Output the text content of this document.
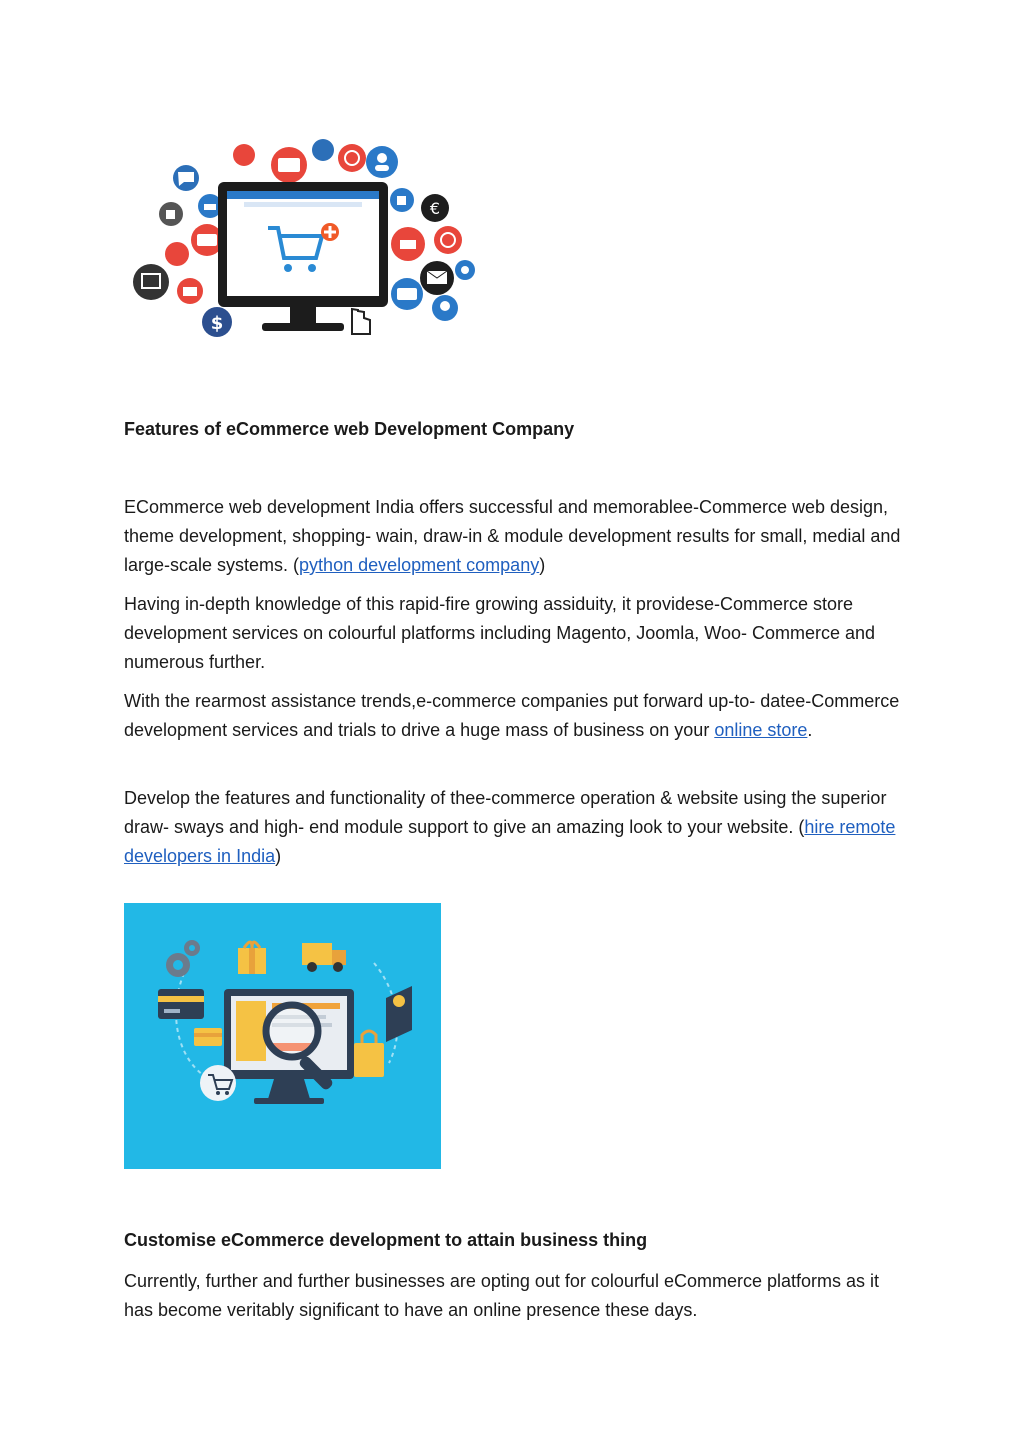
€
$
Features of eCommerce web Development Company

ECommerce web development India offers successful and memorablee-Commerce web design, theme development, shopping- wain, draw-in & module development results for small, medial and large-scale systems. (python development company)

Having in-depth knowledge of this rapid-fire growing assiduity, it providese-Commerce store development services on colourful platforms including Magento, Joomla, Woo- Commerce and numerous further.

With the rearmost assistance trends,e-commerce companies put forward up-to- datee-Commerce development services and trials to drive a huge mass of business on your online store.

Develop the features and functionality of thee-commerce operation & website using the superior draw- sways and high- end module support to give an amazing look to your website. (hire remote developers in India)

Customise eCommerce development to attain business thing

Currently, further and further businesses are opting out for colourful eCommerce platforms as it has become veritably significant to have an online presence these days.
